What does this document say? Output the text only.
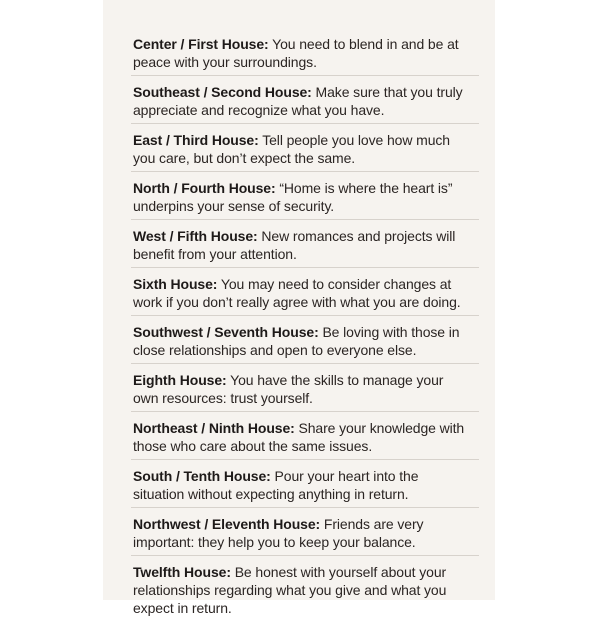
Center / First House: You need to blend in and be at peace with your surroundings.
Southeast / Second House: Make sure that you truly appreciate and recognize what you have.
East / Third House: Tell people you love how much you care, but don’t expect the same.
North / Fourth House: “Home is where the heart is” underpins your sense of security.
West / Fifth House: New romances and projects will benefit from your attention.
Sixth House: You may need to consider changes at work if you don’t really agree with what you are doing.
Southwest / Seventh House: Be loving with those in close relationships and open to everyone else.
Eighth House: You have the skills to manage your own resources: trust yourself.
Northeast / Ninth House: Share your knowledge with those who care about the same issues.
South / Tenth House: Pour your heart into the situation without expecting anything in return.
Northwest / Eleventh House: Friends are very important: they help you to keep your balance.
Twelfth House: Be honest with yourself about your relationships regarding what you give and what you expect in return.
